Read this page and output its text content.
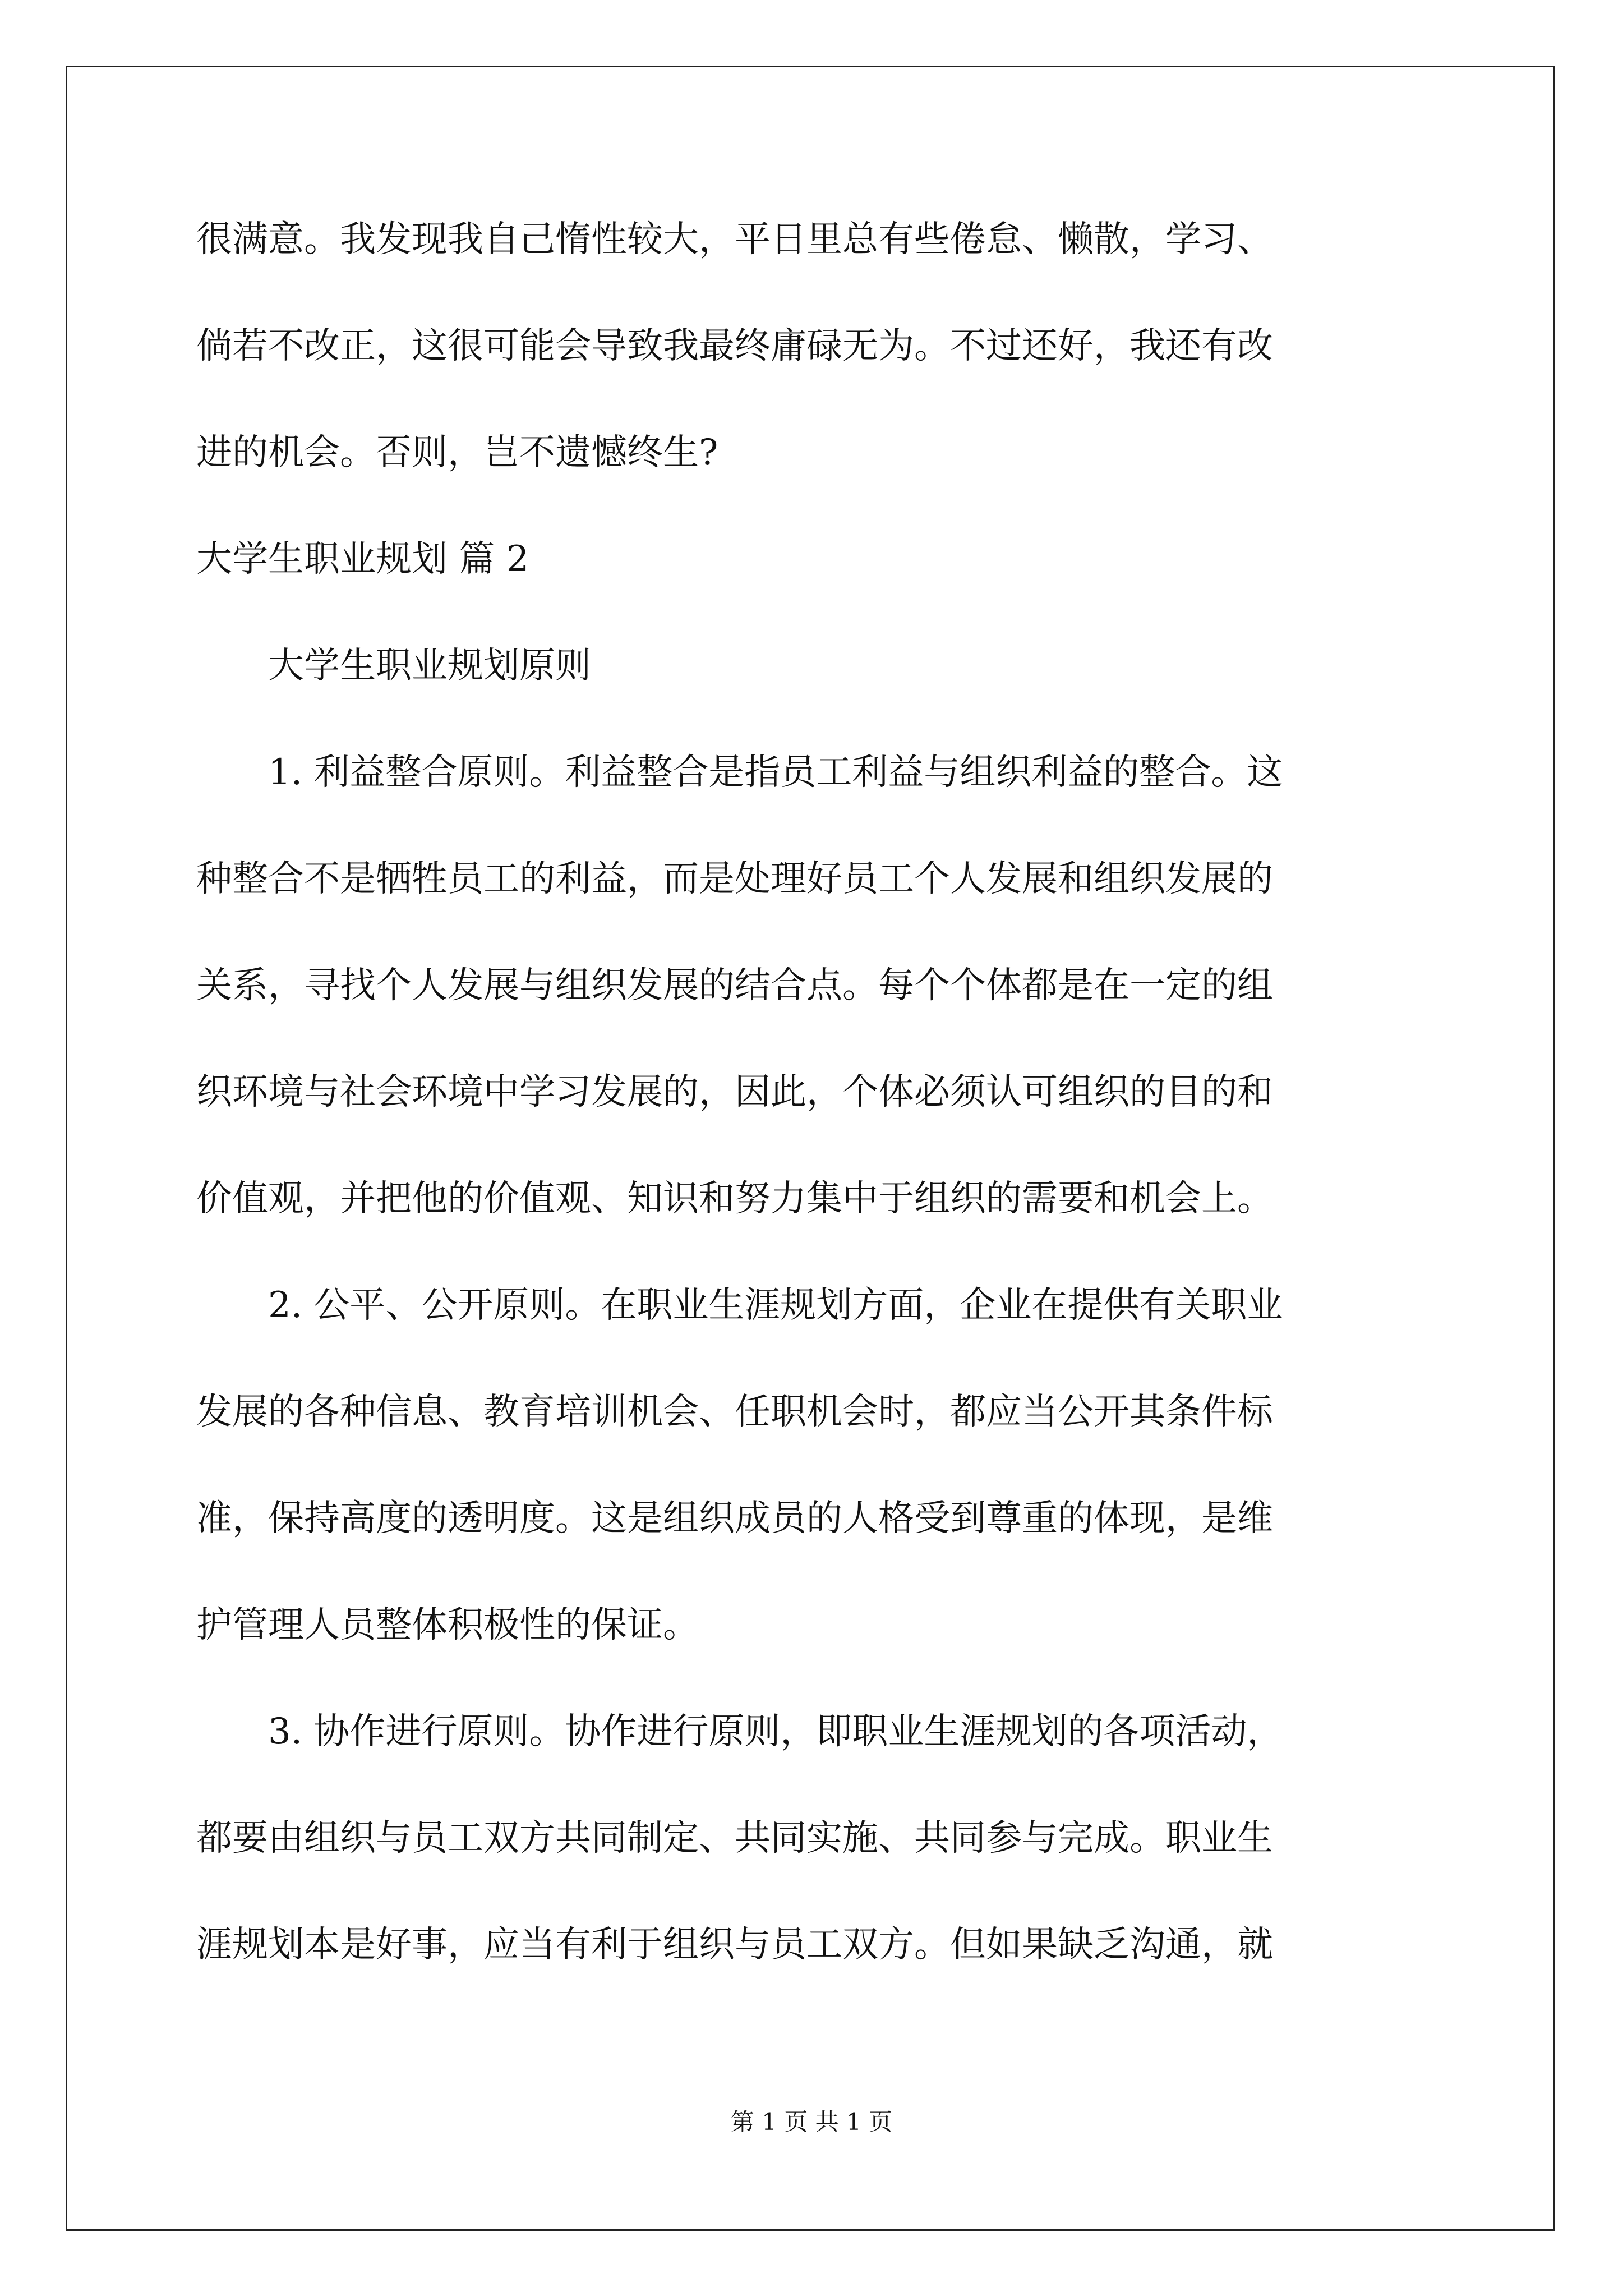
很满意。我发现我自己惰性较大，平日里总有些倦怠、懒散，学习、
倘若不改正，这很可能会导致我最终庸碌无为。不过还好，我还有改
进的机会。否则，岂不遗憾终生?
大学生职业规划 篇 2
大学生职业规划原则
1. 利益整合原则。利益整合是指员工利益与组织利益的整合。这
种整合不是牺牲员工的利益，而是处理好员工个人发展和组织发展的
关系，寻找个人发展与组织发展的结合点。每个个体都是在一定的组
织环境与社会环境中学习发展的，因此，个体必须认可组织的目的和
价值观，并把他的价值观、知识和努力集中于组织的需要和机会上。
2. 公平、公开原则。在职业生涯规划方面，企业在提供有关职业
发展的各种信息、教育培训机会、任职机会时，都应当公开其条件标
准，保持高度的透明度。这是组织成员的人格受到尊重的体现，是维
护管理人员整体积极性的保证。
3. 协作进行原则。协作进行原则，即职业生涯规划的各项活动，
都要由组织与员工双方共同制定、共同实施、共同参与完成。职业生
涯规划本是好事，应当有利于组织与员工双方。但如果缺乏沟通，就
第 1 页 共 1 页
